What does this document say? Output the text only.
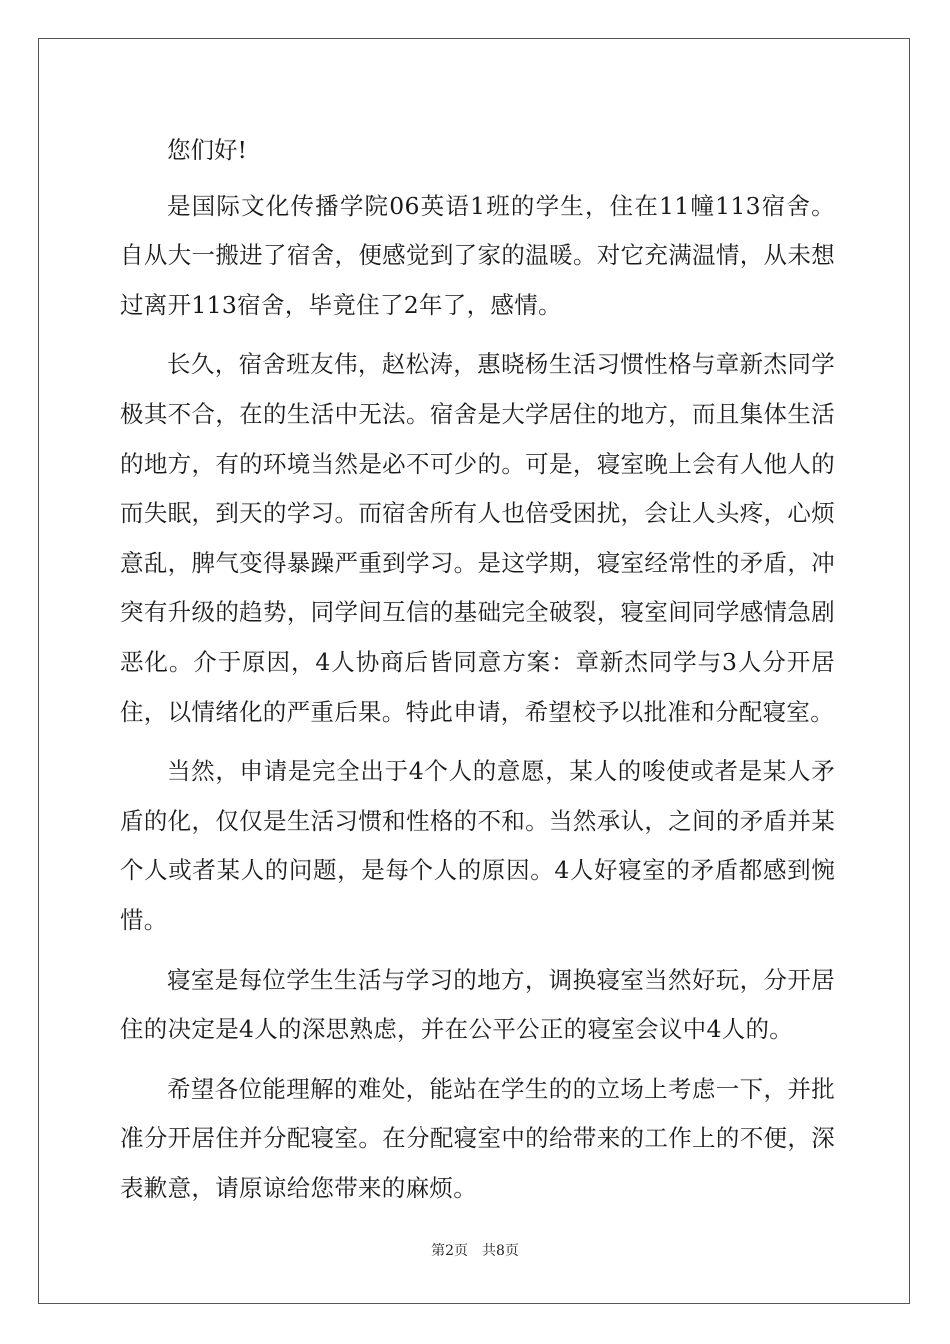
您们好!

是国际文化传播学院06英语1班的学生，住在11幢113宿舍。自从大一搬进了宿舍，便感觉到了家的温暖。对它充满温情，从未想过离开113宿舍，毕竟住了2年了，感情。

长久，宿舍班友伟，赵松涛，惠晓杨生活习惯性格与章新杰同学极其不合，在的生活中无法。宿舍是大学居住的地方，而且集体生活的地方，有的环境当然是必不可少的。可是，寝室晚上会有人他人的而失眠，到天的学习。而宿舍所有人也倍受困扰，会让人头疼，心烦意乱，脾气变得暴躁严重到学习。是这学期，寝室经常性的矛盾，冲突有升级的趋势，同学间互信的基础完全破裂，寝室间同学感情急剧恶化。介于原因，4人协商后皆同意方案：章新杰同学与3人分开居住，以情绪化的严重后果。特此申请，希望校予以批准和分配寝室。

当然，申请是完全出于4个人的意愿，某人的唆使或者是某人矛盾的化，仅仅是生活习惯和性格的不和。当然承认，之间的矛盾并某个人或者某人的问题，是每个人的原因。4人好寝室的矛盾都感到惋惜。

寝室是每位学生生活与学习的地方，调换寝室当然好玩，分开居住的决定是4人的深思熟虑，并在公平公正的寝室会议中4人的。

希望各位能理解的难处，能站在学生的的立场上考虑一下，并批准分开居住并分配寝室。在分配寝室中的给带来的工作上的不便，深表歉意，请原谅给您带来的麻烦。

第2页 共8页
